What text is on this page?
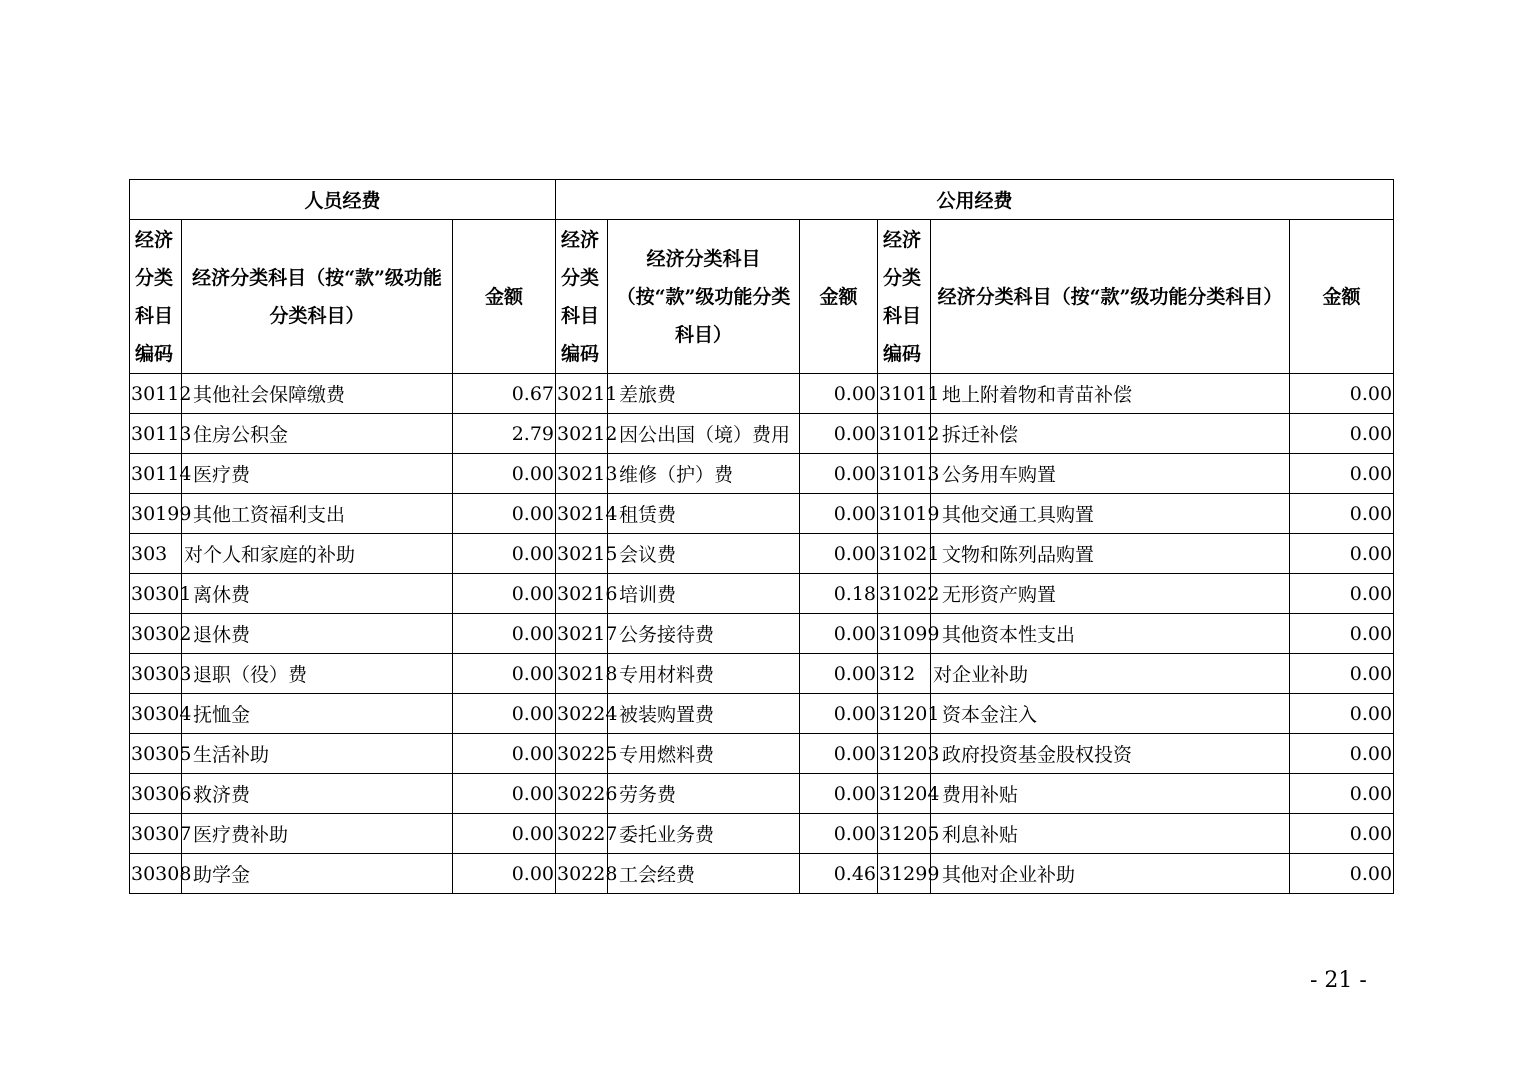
人员经费			公用经费					
经济分类科目编码	经济分类科目（按“款”级功能分类科目）	金额	经济分类科目编码	经济分类科目（按“款”级功能分类科目）	金额	经济分类科目编码	经济分类科目（按“款”级功能分类科目）	金额
30112	其他社会保障缴费	0.67	30211	差旅费	0.00	31011	地上附着物和青苗补偿	0.00
30113	住房公积金	2.79	30212	因公出国（境）费用	0.00	31012	拆迁补偿	0.00
30114	医疗费	0.00	30213	维修（护）费	0.00	31013	公务用车购置	0.00
30199	其他工资福利支出	0.00	30214	租赁费	0.00	31019	其他交通工具购置	0.00
303	对个人和家庭的补助	0.00	30215	会议费	0.00	31021	文物和陈列品购置	0.00
30301	离休费	0.00	30216	培训费	0.18	31022	无形资产购置	0.00
30302	退休费	0.00	30217	公务接待费	0.00	31099	其他资本性支出	0.00
30303	退职（役）费	0.00	30218	专用材料费	0.00	312	对企业补助	0.00
30304	抚恤金	0.00	30224	被装购置费	0.00	31201	资本金注入	0.00
30305	生活补助	0.00	30225	专用燃料费	0.00	31203	政府投资基金股权投资	0.00
30306	救济费	0.00	30226	劳务费	0.00	31204	费用补贴	0.00
30307	医疗费补助	0.00	30227	委托业务费	0.00	31205	利息补贴	0.00
30308	助学金	0.00	30228	工会经费	0.46	31299	其他对企业补助	0.00
- 21 -
